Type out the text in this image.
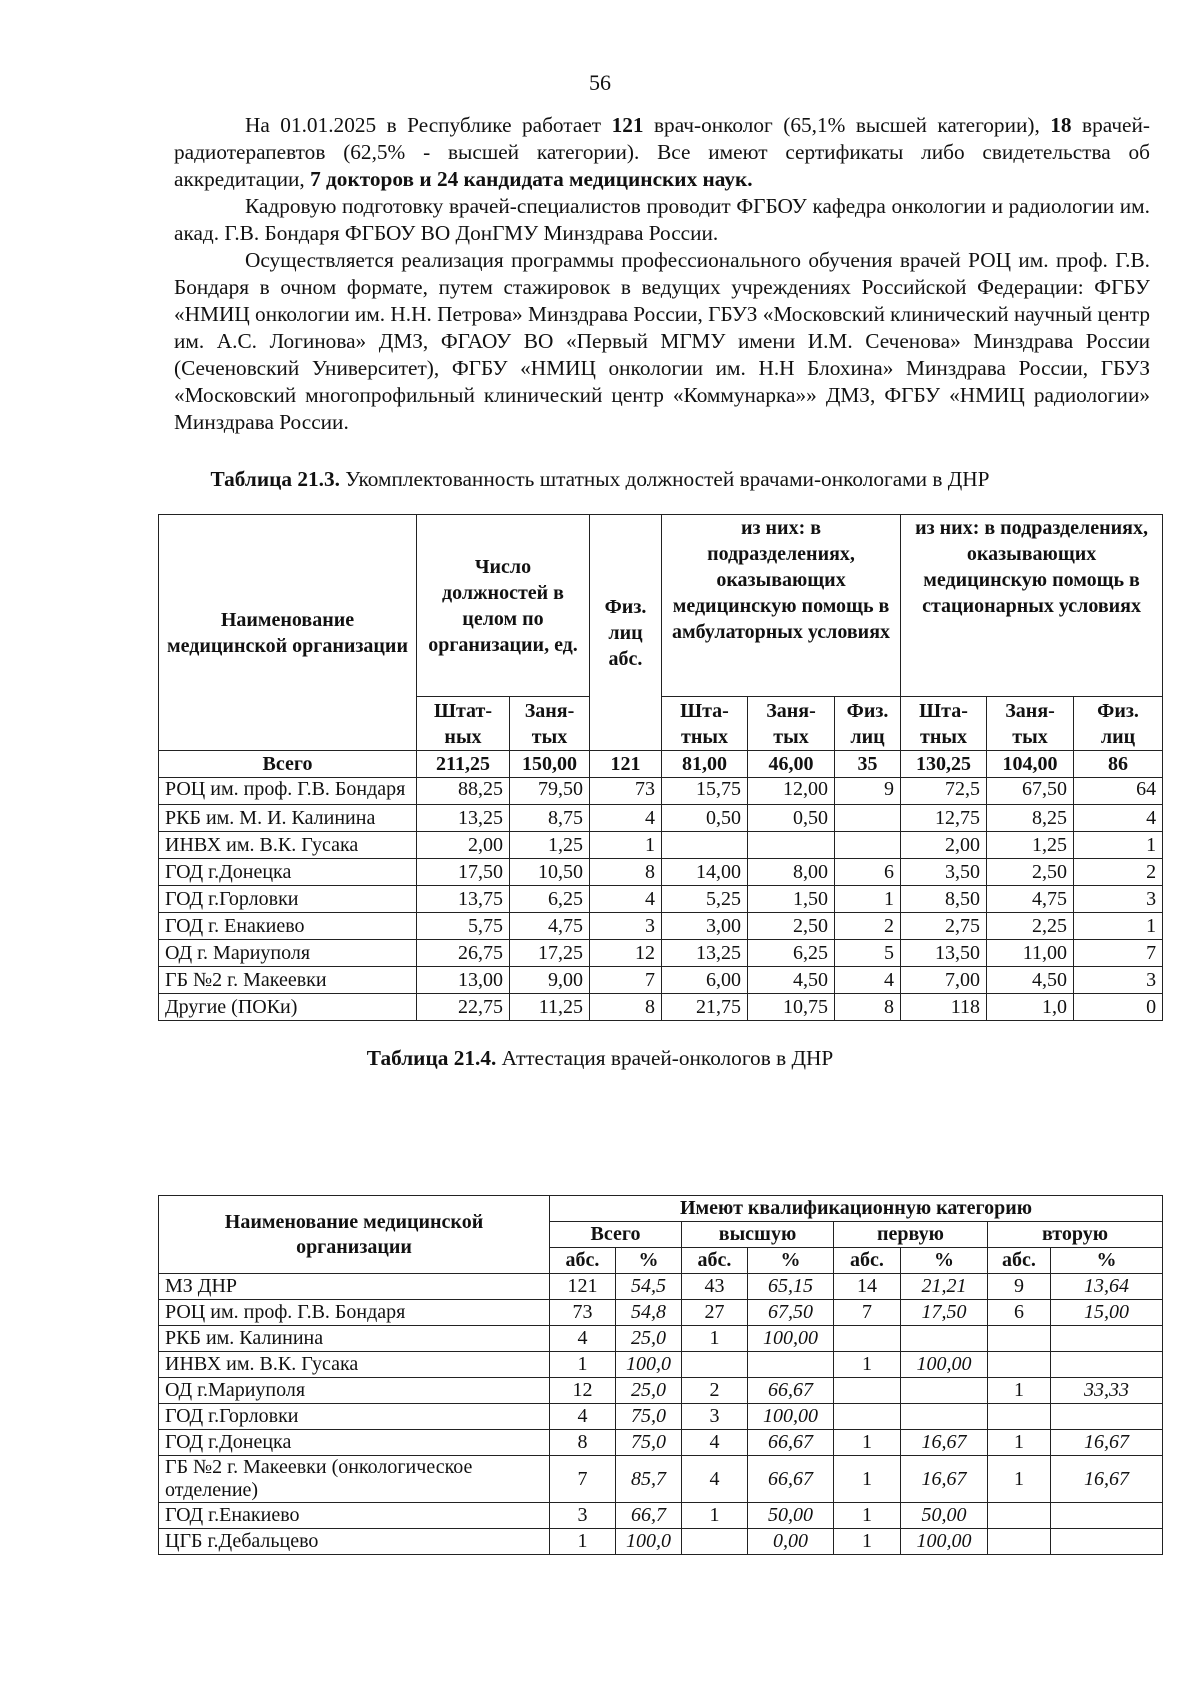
56

На 01.01.2025 в Республике работает 121 врач-онколог (65,1% высшей категории), 18 врачей-радиотерапевтов (62,5% - высшей категории). Все имеют сертификаты либо свидетельства об аккредитации, 7 докторов и 24 кандидата медицинских наук.

Кадровую подготовку врачей-специалистов проводит ФГБОУ кафедра онкологии и радиологии им. акад. Г.В. Бондаря ФГБОУ ВО ДонГМУ Минздрава России.

Осуществляется реализация программы профессионального обучения врачей РОЦ им. проф. Г.В. Бондаря в очном формате, путем стажировок в ведущих учреждениях Российской Федерации: ФГБУ «НМИЦ онкологии им. Н.Н. Петрова» Минздрава России, ГБУЗ «Московский клинический научный центр им. А.С. Логинова» ДМЗ, ФГАОУ ВО «Первый МГМУ имени И.М. Сеченова» Минздрава России (Сеченовский Университет), ФГБУ «НМИЦ онкологии им. Н.Н Блохина» Минздрава России, ГБУЗ «Московский многопрофильный клинический центр «Коммунарка»» ДМЗ, ФГБУ «НМИЦ радиологии» Минздрава России.

Таблица 21.3. Укомплектованность штатных должностей врачами-онкологами в ДНР
Наименование медицинской организации	Число должностей в целом по организации, ед.		Физ. лиц абс.	из них: в подразделениях, оказывающих медицинскую помощь в амбулаторных условиях			из них: в подразделениях, оказывающих медицинскую помощь в стационарных условиях		
	Штат-ных	Заня-тых		Шта-тных	Заня-тых	Физ. лиц	Шта-тных	Заня-тых	Физ. лиц
Всего	211,25	150,00	121	81,00	46,00	35	130,25	104,00	86
РОЦ им. проф. Г.В. Бондаря	88,25	79,50	73	15,75	12,00	9	72,5	67,50	64
РКБ им. М. И. Калинина	13,25	8,75	4	0,50	0,50		12,75	8,25	4
ИНВХ им. В.К. Гусака	2,00	1,25	1				2,00	1,25	1
ГОД г.Донецка	17,50	10,50	8	14,00	8,00	6	3,50	2,50	2
ГОД г.Горловки	13,75	6,25	4	5,25	1,50	1	8,50	4,75	3
ГОД г. Енакиево	5,75	4,75	3	3,00	2,50	2	2,75	2,25	1
ОД г. Мариуполя	26,75	17,25	12	13,25	6,25	5	13,50	11,00	7
ГБ №2 г. Макеевки	13,00	9,00	7	6,00	4,50	4	7,00	4,50	3
Другие (ПОКи)	22,75	11,25	8	21,75	10,75	8	118	1,0	0
Таблица 21.4. Аттестация врачей-онкологов в ДНР
Наименование медицинской организации	Имеют квалификационную категорию							
	Всего		высшую		первую		вторую	
	абс.	%	абс.	%	абс.	%	абс.	%
МЗ ДНР	121	54,5	43	65,15	14	21,21	9	13,64
РОЦ им. проф. Г.В. Бондаря	73	54,8	27	67,50	7	17,50	6	15,00
РКБ им. Калинина	4	25,0	1	100,00				
ИНВХ им. В.К. Гусака	1	100,0			1	100,00		
ОД г.Мариуполя	12	25,0	2	66,67			1	33,33
ГОД г.Горловки	4	75,0	3	100,00				
ГОД г.Донецка	8	75,0	4	66,67	1	16,67	1	16,67
ГБ №2 г. Макеевки (онкологическое отделение)	7	85,7	4	66,67	1	16,67	1	16,67
ГОД г.Енакиево	3	66,7	1	50,00	1	50,00		
ЦГБ г.Дебальцево	1	100,0		0,00	1	100,00		
